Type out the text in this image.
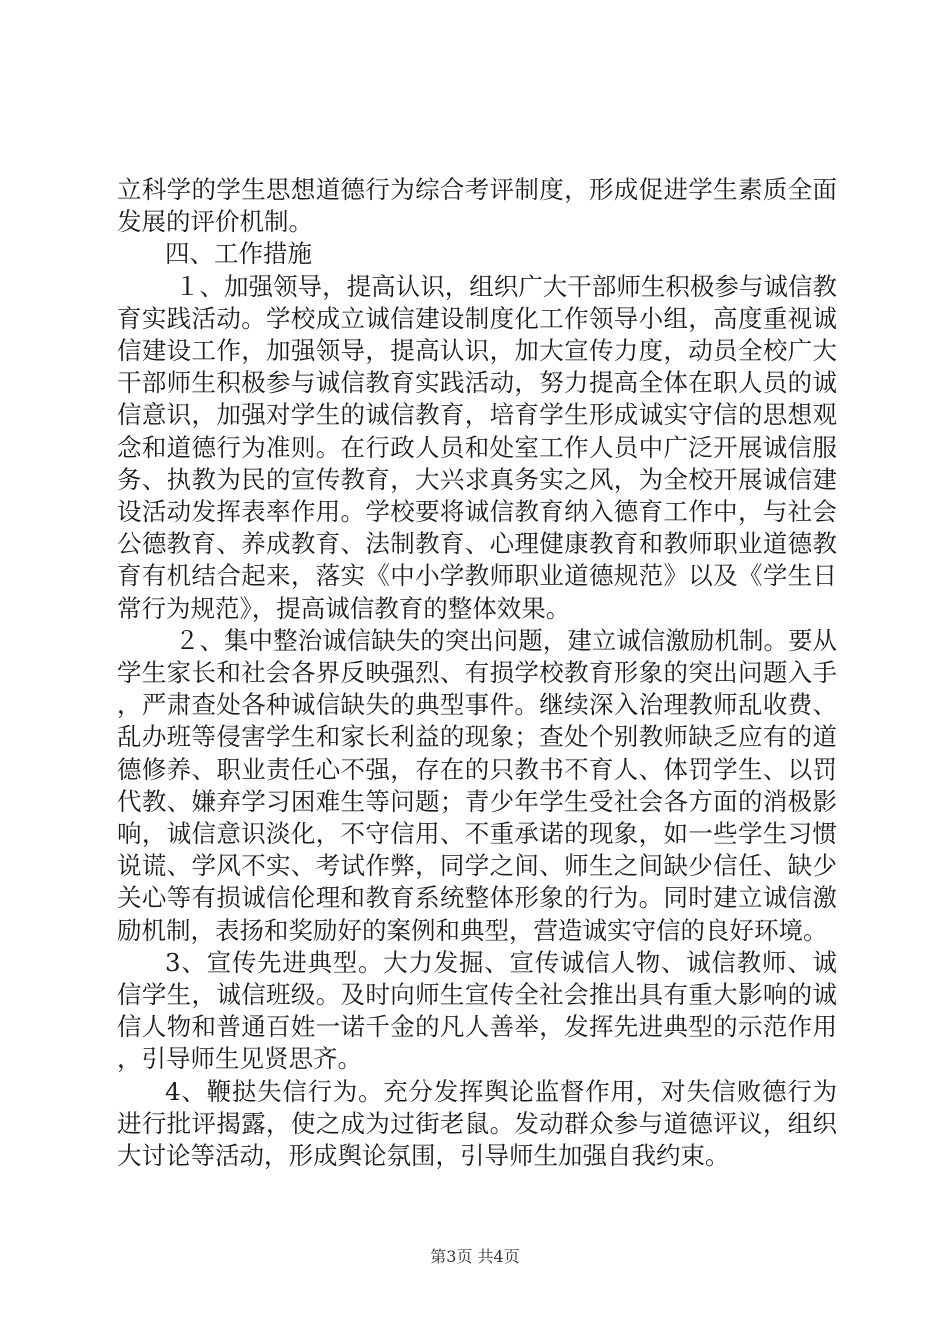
立科学的学生思想道德行为综合考评制度，形成促进学生素质全面发展的评价机制。

四、工作措施

１、加强领导，提高认识，组织广大干部师生积极参与诚信教育实践活动。学校成立诚信建设制度化工作领导小组，高度重视诚信建设工作，加强领导，提高认识，加大宣传力度，动员全校广大干部师生积极参与诚信教育实践活动，努力提高全体在职人员的诚信意识，加强对学生的诚信教育，培育学生形成诚实守信的思想观念和道德行为准则。在行政人员和处室工作人员中广泛开展诚信服务、执教为民的宣传教育，大兴求真务实之风，为全校开展诚信建设活动发挥表率作用。学校要将诚信教育纳入德育工作中，与社会公德教育、养成教育、法制教育、心理健康教育和教师职业道德教育有机结合起来，落实《中小学教师职业道德规范》以及《学生日常行为规范》，提高诚信教育的整体效果。

２、集中整治诚信缺失的突出问题，建立诚信激励机制。要从学生家长和社会各界反映强烈、有损学校教育形象的突出问题入手，严肃查处各种诚信缺失的典型事件。继续深入治理教师乱收费、乱办班等侵害学生和家长利益的现象；查处个别教师缺乏应有的道德修养、职业责任心不强，存在的只教书不育人、体罚学生、以罚代教、嫌弃学习困难生等问题；青少年学生受社会各方面的消极影响，诚信意识淡化，不守信用、不重承诺的现象，如一些学生习惯说谎、学风不实、考试作弊，同学之间、师生之间缺少信任、缺少关心等有损诚信伦理和教育系统整体形象的行为。同时建立诚信激励机制，表扬和奖励好的案例和典型，营造诚实守信的良好环境。

3、宣传先进典型。大力发掘、宣传诚信人物、诚信教师、诚信学生，诚信班级。及时向师生宣传全社会推出具有重大影响的诚信人物和普通百姓一诺千金的凡人善举，发挥先进典型的示范作用，引导师生见贤思齐。

4、鞭挞失信行为。充分发挥舆论监督作用，对失信败德行为进行批评揭露，使之成为过街老鼠。发动群众参与道德评议，组织大讨论等活动，形成舆论氛围，引导师生加强自我约束。

第3页 共4页
